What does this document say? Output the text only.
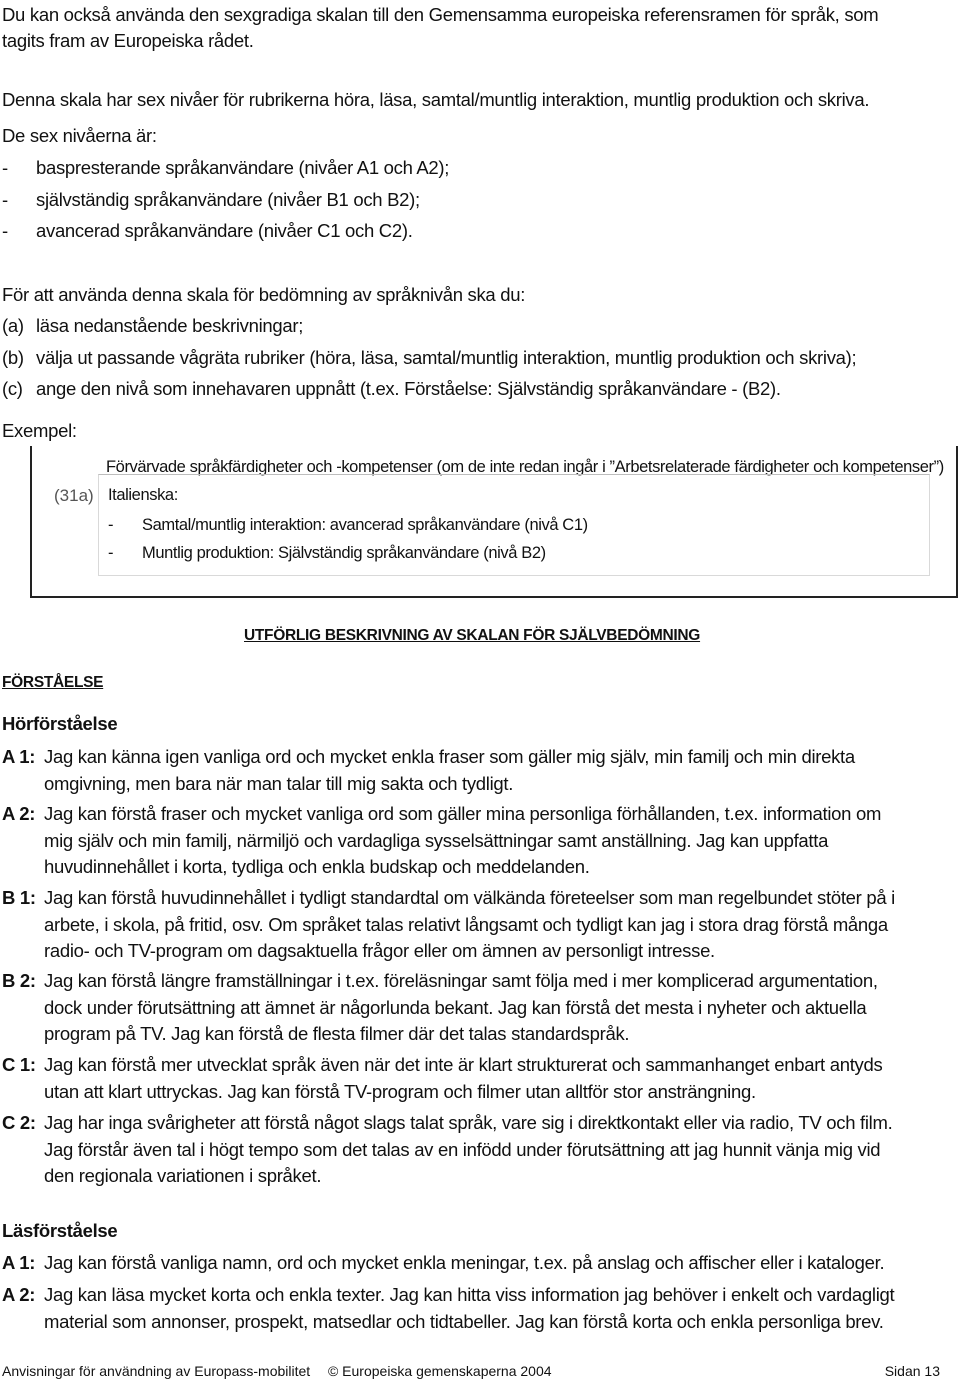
Du kan också använda den sexgradiga skalan till den Gemensamma europeiska referensramen för språk, som
tagits fram av Europeiska rådet.
Denna skala har sex nivåer för rubrikerna höra, läsa, samtal/muntlig interaktion, muntlig produktion och skriva.
De sex nivåerna är:
- baspresterande språkanvändare (nivåer A1 och A2);
- självständig språkanvändare (nivåer B1 och B2);
- avancerad språkanvändare (nivåer C1 och C2).
För att använda denna skala för bedömning av språknivån ska du:
(a) läsa nedanstående beskrivningar;
(b) välja ut passande vågräta rubriker (höra, läsa, samtal/muntlig interaktion, muntlig produktion och skriva);
(c) ange den nivå som innehavaren uppnått (t.ex. Förståelse: Självständig språkanvändare - (B2).
Exempel:
(31a)
Förvärvade språkfärdigheter och -kompetenser (om de inte redan ingår i ”Arbetsrelaterade färdigheter och kompetenser”)
Italienska:
- Samtal/muntlig interaktion: avancerad språkanvändare (nivå C1)
- Muntlig produktion: Självständig språkanvändare (nivå B2)
UTFÖRLIG BESKRIVNING AV SKALAN FÖR SJÄLVBEDÖMNING
FÖRSTÅELSE
Hörförståelse
A 1: Jag kan känna igen vanliga ord och mycket enkla fraser som gäller mig själv, min familj och min direkta
omgivning, men bara när man talar till mig sakta och tydligt.
A 2: Jag kan förstå fraser och mycket vanliga ord som gäller mina personliga förhållanden, t.ex. information om
mig själv och min familj, närmiljö och vardagliga sysselsättningar samt anställning. Jag kan uppfatta
huvudinnehållet i korta, tydliga och enkla budskap och meddelanden.
B 1: Jag kan förstå huvudinnehållet i tydligt standardtal om välkända företeelser som man regelbundet stöter på i
arbete, i skola, på fritid, osv. Om språket talas relativt långsamt och tydligt kan jag i stora drag förstå många
radio- och TV-program om dagsaktuella frågor eller om ämnen av personligt intresse.
B 2: Jag kan förstå längre framställningar i t.ex. föreläsningar samt följa med i mer komplicerad argumentation,
dock under förutsättning att ämnet är någorlunda bekant. Jag kan förstå det mesta i nyheter och aktuella
program på TV. Jag kan förstå de flesta filmer där det talas standardspråk.
C 1: Jag kan förstå mer utvecklat språk även när det inte är klart strukturerat och sammanhanget enbart antyds
utan att klart uttryckas. Jag kan förstå TV-program och filmer utan alltför stor ansträngning.
C 2: Jag har inga svårigheter att förstå något slags talat språk, vare sig i direktkontakt eller via radio, TV och film.
Jag förstår även tal i högt tempo som det talas av en infödd under förutsättning att jag hunnit vänja mig vid
den regionala variationen i språket.
Läsförståelse
A 1: Jag kan förstå vanliga namn, ord och mycket enkla meningar, t.ex. på anslag och affischer eller i kataloger.
A 2: Jag kan läsa mycket korta och enkla texter. Jag kan hitta viss information jag behöver i enkelt och vardagligt
material som annonser, prospekt, matsedlar och tidtabeller. Jag kan förstå korta och enkla personliga brev.
Anvisningar för användning av Europass-mobilitet © Europeiska gemenskaperna 2004	Sidan 13
